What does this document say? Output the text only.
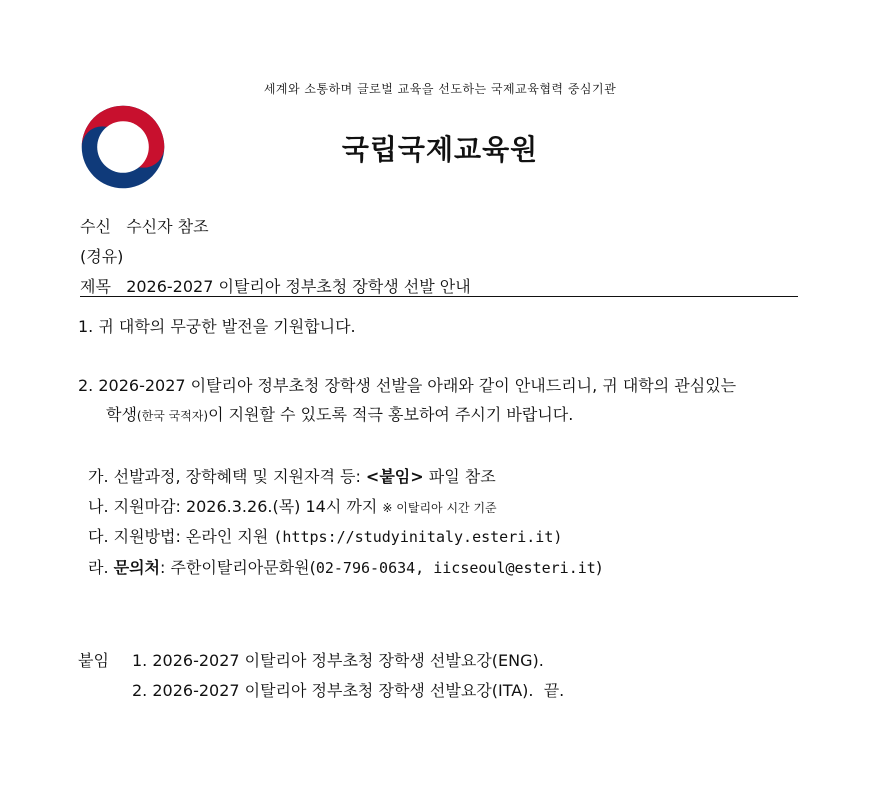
세계와 소통하며 글로벌 교육을 선도하는 국제교육협력 중심기관
국립국제교육원
수신 수신자 참조
(경유)
제목 2026-2027 이탈리아 정부초청 장학생 선발 안내
1. 귀 대학의 무궁한 발전을 기원합니다.
2. 2026-2027 이탈리아 정부초청 장학생 선발을 아래와 같이 안내드리니, 귀 대학의 관심있는
학생(한국 국적자)이 지원할 수 있도록 적극 홍보하여 주시기 바랍니다.
가. 선발과정, 장학혜택 및 지원자격 등: <붙임> 파일 참조
나. 지원마감: 2026.3.26.(목) 14시 까지 ※ 이탈리아 시간 기준
다. 지원방법: 온라인 지원 (https://studyinitaly.esteri.it)
라. 문의처: 주한이탈리아문화원(02-796-0634, iicseoul@esteri.it)
붙임 1. 2026-2027 이탈리아 정부초청 장학생 선발요강(ENG).
2. 2026-2027 이탈리아 정부초청 장학생 선발요강(ITA). 끝.
